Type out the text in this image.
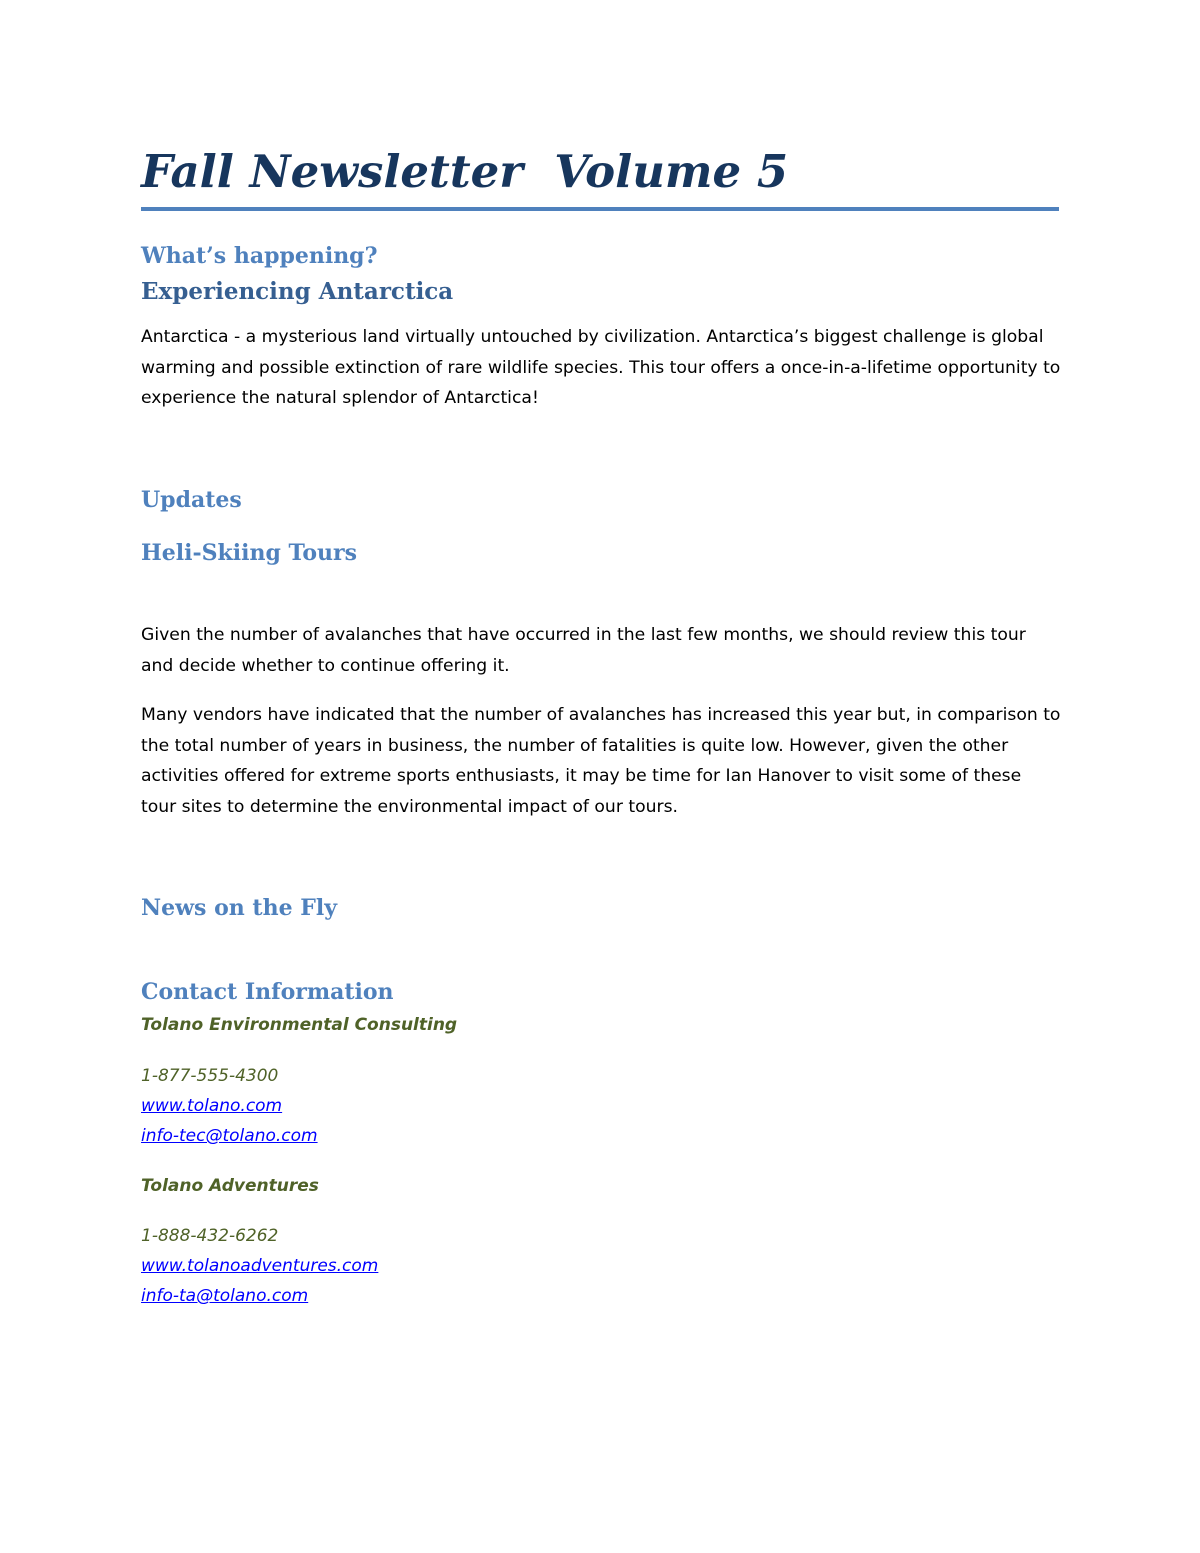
Fall Newsletter  Volume 5
What’s happening?
Experiencing Antarctica

Antarctica - a mysterious land virtually untouched by civilization. Antarctica’s biggest challenge is global warming and possible extinction of rare wildlife species. This tour offers a once-in-a-lifetime opportunity to experience the natural splendor of Antarctica!

Updates
Heli-Skiing Tours

Given the number of avalanches that have occurred in the last few months, we should review this tour and decide whether to continue offering it.

Many vendors have indicated that the number of avalanches has increased this year but, in comparison to the total number of years in business, the number of fatalities is quite low. However, given the other activities offered for extreme sports enthusiasts, it may be time for Ian Hanover to visit some of these tour sites to determine the environmental impact of our tours.

News on the Fly
Contact Information
Tolano Environmental Consulting
1-877-555-4300
www.tolano.com
info-tec@tolano.com
Tolano Adventures
1-888-432-6262
www.tolanoadventures.com
info-ta@tolano.com
